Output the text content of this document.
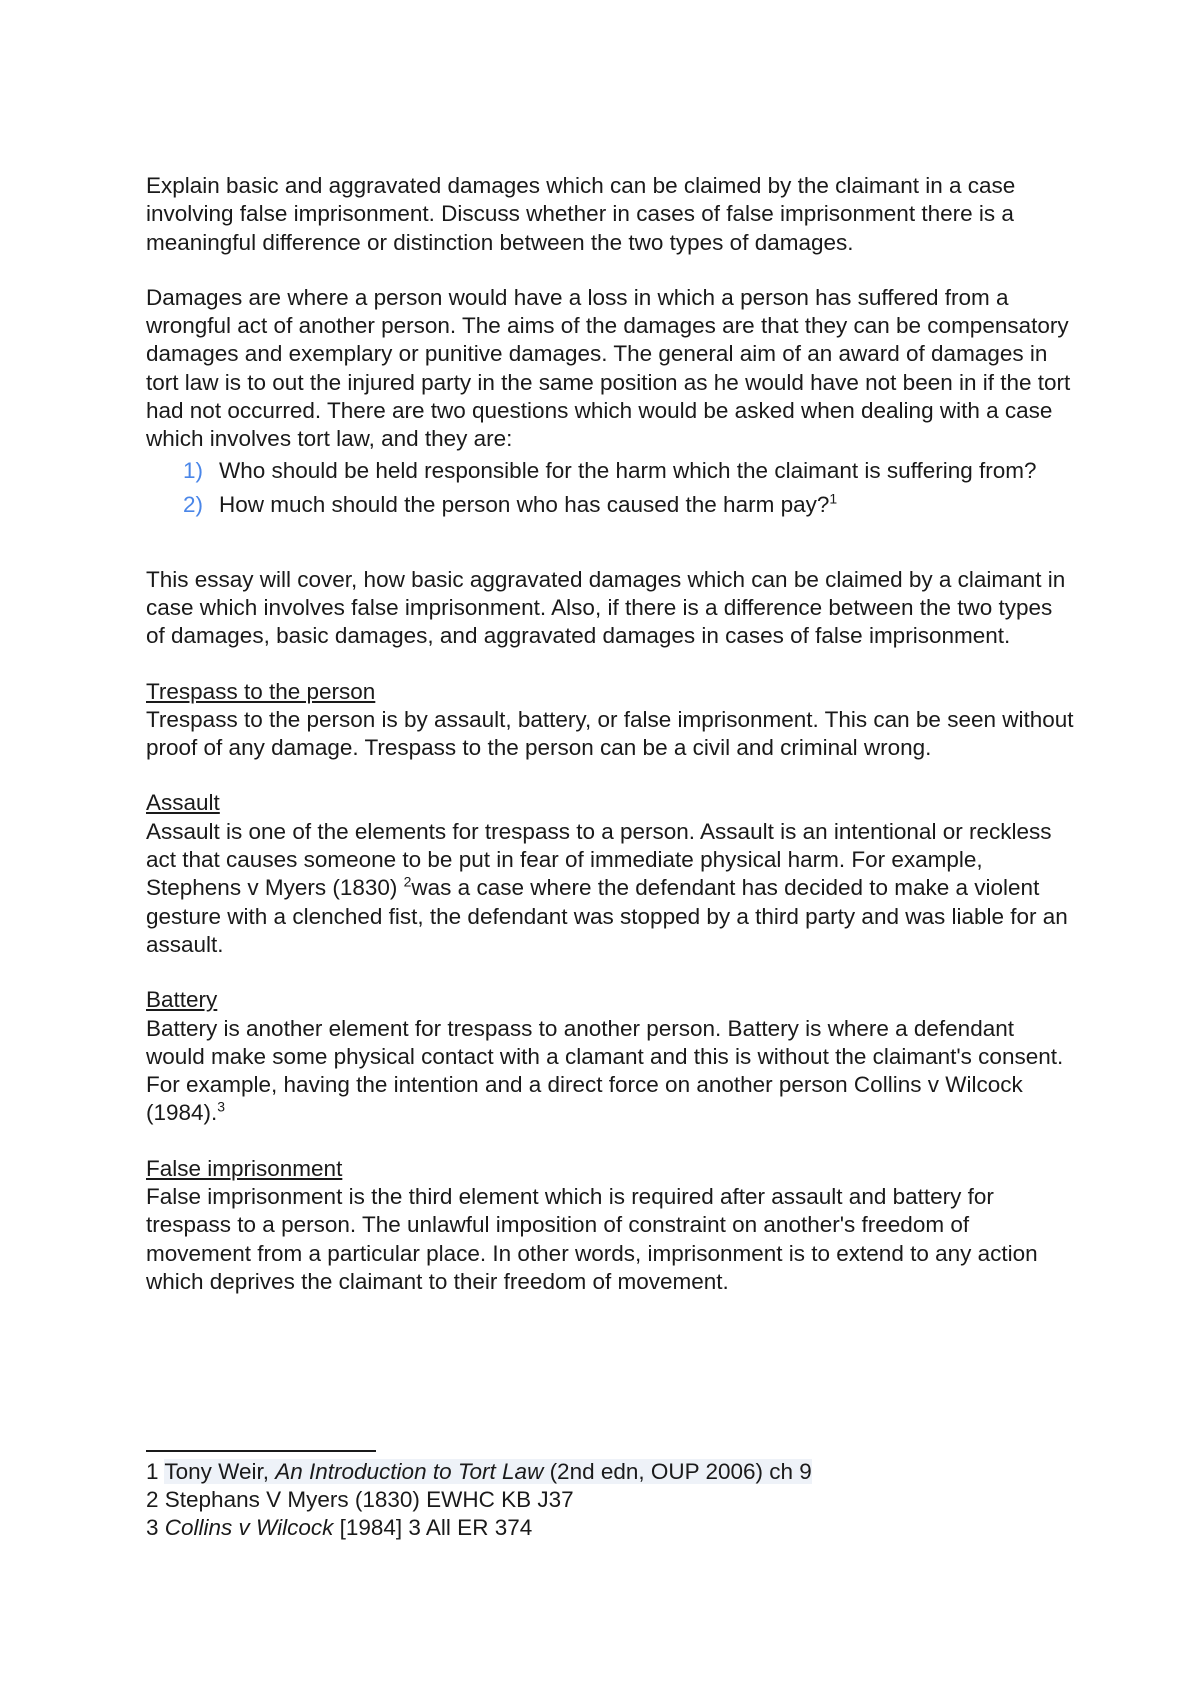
Explain basic and aggravated damages which can be claimed by the claimant in a case involving false imprisonment. Discuss whether in cases of false imprisonment there is a meaningful difference or distinction between the two types of damages.

Damages are where a person would have a loss in which a person has suffered from a wrongful act of another person. The aims of the damages are that they can be compensatory damages and exemplary or punitive damages. The general aim of an award of damages in tort law is to out the injured party in the same position as he would have not been in if the tort had not occurred. There are two questions which would be asked when dealing with a case which involves tort law, and they are:

1) Who should be held responsible for the harm which the claimant is suffering from?
2) How much should the person who has caused the harm pay?$^1$

This essay will cover, how basic aggravated damages which can be claimed by a claimant in case which involves false imprisonment. Also, if there is a difference between the two types of damages, basic damages, and aggravated damages in cases of false imprisonment.

Trespass to the person

Trespass to the person is by assault, battery, or false imprisonment. This can be seen without proof of any damage. Trespass to the person can be a civil and criminal wrong.

Assault

Assault is one of the elements for trespass to a person. Assault is an intentional or reckless act that causes someone to be put in fear of immediate physical harm. For example, Stephens v Myers (1830) $^2$was a case where the defendant has decided to make a violent gesture with a clenched fist, the defendant was stopped by a third party and was liable for an assault.

Battery

Battery is another element for trespass to another person. Battery is where a defendant would make some physical contact with a clamant and this is without the claimant's consent. For example, having the intention and a direct force on another person Collins v Wilcock (1984).$^3$

False imprisonment

False imprisonment is the third element which is required after assault and battery for trespass to a person. The unlawful imposition of constraint on another's freedom of movement from a particular place. In other words, imprisonment is to extend to any action which deprives the claimant to their freedom of movement.

1 Tony Weir, An Introduction to Tort Law (2nd edn, OUP 2006) ch 9
2 Stephans V Myers (1830) EWHC KB J37
3 Collins v Wilcock [1984] 3 All ER 374
